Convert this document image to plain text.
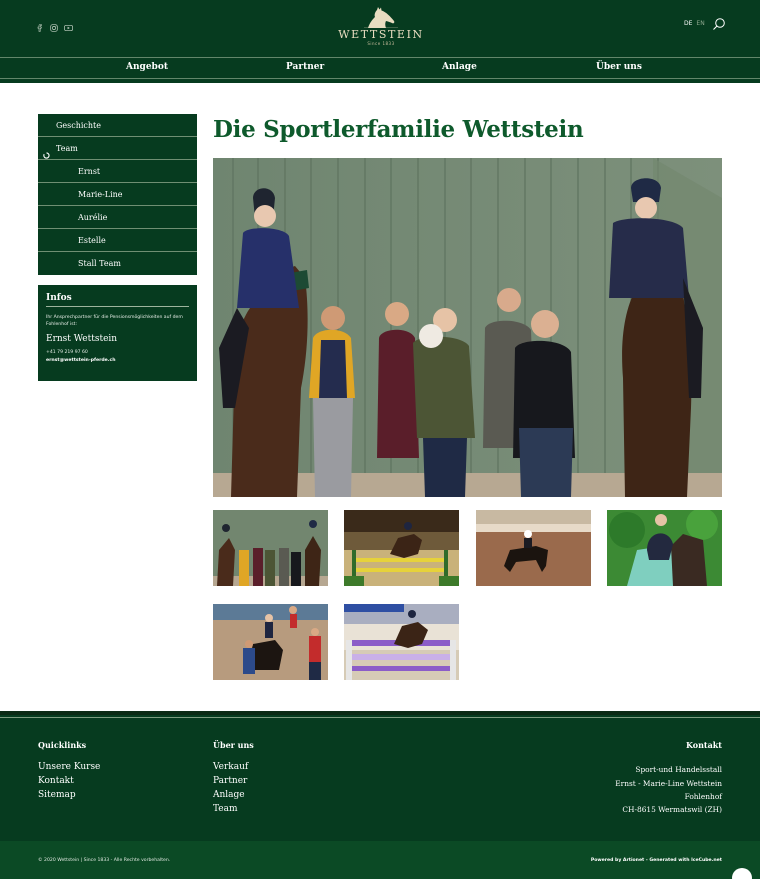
WETTSTEIN
Since 1833
DE EN
Angebot	Partner	Anlage	Über uns
Geschichte
Team
Ernst
Marie-Line
Aurélie
Estelle
Stall Team
Infos
Ihr Ansprechpartner für die Pensionsmöglichkeiten auf dem Fohlenhof ist:
Ernst Wettstein
+41 79 219 97 60
ernst@wettstein-pferde.ch
Die Sportlerfamilie Wettstein
Quicklinks
Unsere Kurse
Kontakt
Sitemap
Über uns
Verkauf
Partner
Anlage
Team
Kontakt
Sport-und Handelsstall
Ernst - Marie-Line Wettstein
Fohlenhof
CH-8615 Wermatswil (ZH)
© 2020 Wettstein | Since 1833 - Alle Rechte vorbehalten.	Powered by Artionet - Generated with IceCube.net
